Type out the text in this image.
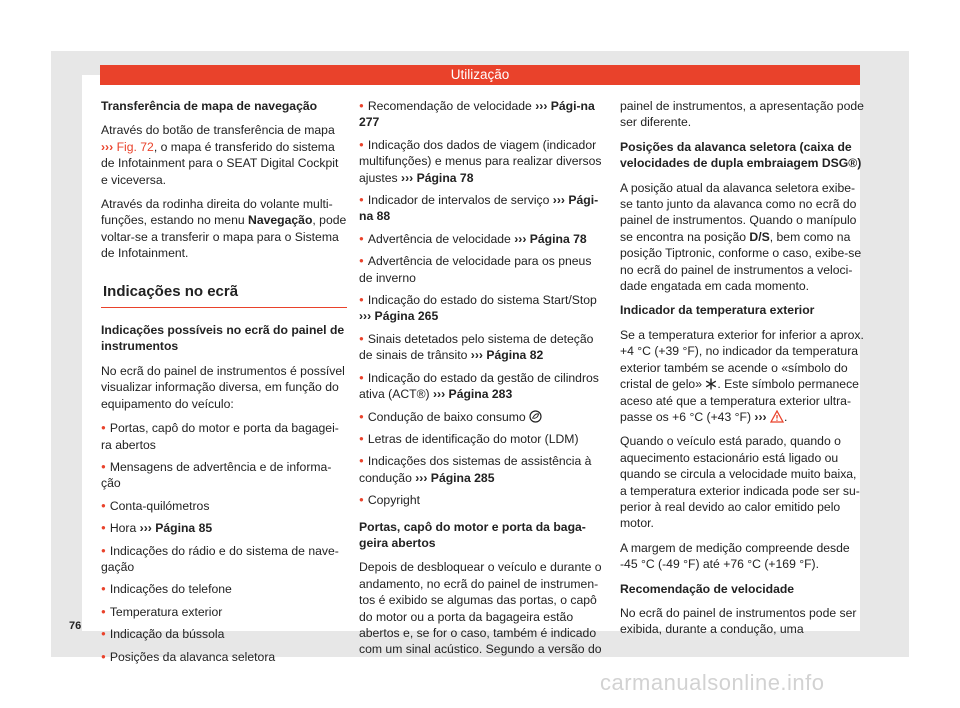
Utilização

Transferência de mapa de navegação

Através do botão de transferência de mapa ››› Fig. 72, o mapa é transferido do sistema de Infotainment para o SEAT Digital Cockpit e viceversa.

Através da rodinha direita do volante multi-funções, estando no menu Navegação, pode voltar-se a transferir o mapa para o Sistema de Infotainment.

Indicações no ecrã

Indicações possíveis no ecrã do painel de instrumentos

No ecrã do painel de instrumentos é possível visualizar informação diversa, em função do equipamento do veículo:

● Portas, capô do motor e porta da bagagei-ra abertos
● Mensagens de advertência e de informa-ção
● Conta-quilómetros
● Hora ››› Página 85
● Indicações do rádio e do sistema de nave-gação
● Indicações do telefone
● Temperatura exterior
● Indicação da bússola
● Posições da alavanca seletora
● Recomendação de velocidade ››› Pági-na 277
● Indicação dos dados de viagem (indicador multifunções) e menus para realizar diversos ajustes ››› Página 78
● Indicador de intervalos de serviço ››› Pági-na 88
● Advertência de velocidade ››› Página 78
● Advertência de velocidade para os pneus de inverno
● Indicação do estado do sistema Start/Stop ››› Página 265
● Sinais detetados pelo sistema de deteção de sinais de trânsito ››› Página 82
● Indicação do estado da gestão de cilindros ativa (ACT®) ››› Página 283
● Condução de baixo consumo
● Letras de identificação do motor (LDM)
● Indicações dos sistemas de assistência à condução ››› Página 285
● Copyright

Portas, capô do motor e porta da baga-geira abertos

Depois de desbloquear o veículo e durante o andamento, no ecrã do painel de instrumen-tos é exibido se algumas das portas, o capô do motor ou a porta da bagageira estão abertos e, se for o caso, também é indicado com um sinal acústico. Segundo a versão do

painel de instrumentos, a apresentação pode ser diferente.

Posições da alavanca seletora (caixa de velocidades de dupla embraiagem DSG®)

A posição atual da alavanca seletora exibe-se tanto junto da alavanca como no ecrã do painel de instrumentos. Quando o manípulo se encontra na posição D/S, bem como na posição Tiptronic, conforme o caso, exibe-se no ecrã do painel de instrumentos a veloci-dade engatada em cada momento.

Indicador da temperatura exterior

Se a temperatura exterior for inferior a aprox. +4 °C (+39 °F), no indicador da temperatura exterior também se acende o «símbolo do cristal de gelo» . Este símbolo permanece aceso até que a temperatura exterior ultra-passe os +6 °C (+43 °F) ››› .

Quando o veículo está parado, quando o aquecimento estacionário está ligado ou quando se circula a velocidade muito baixa, a temperatura exterior indicada pode ser su-perior à real devido ao calor emitido pelo motor.

A margem de medição compreende desde -45 °C (-49 °F) até +76 °C (+169 °F).

Recomendação de velocidade

No ecrã do painel de instrumentos pode ser exibida, durante a condução, uma

76
carmanualsonline.info
